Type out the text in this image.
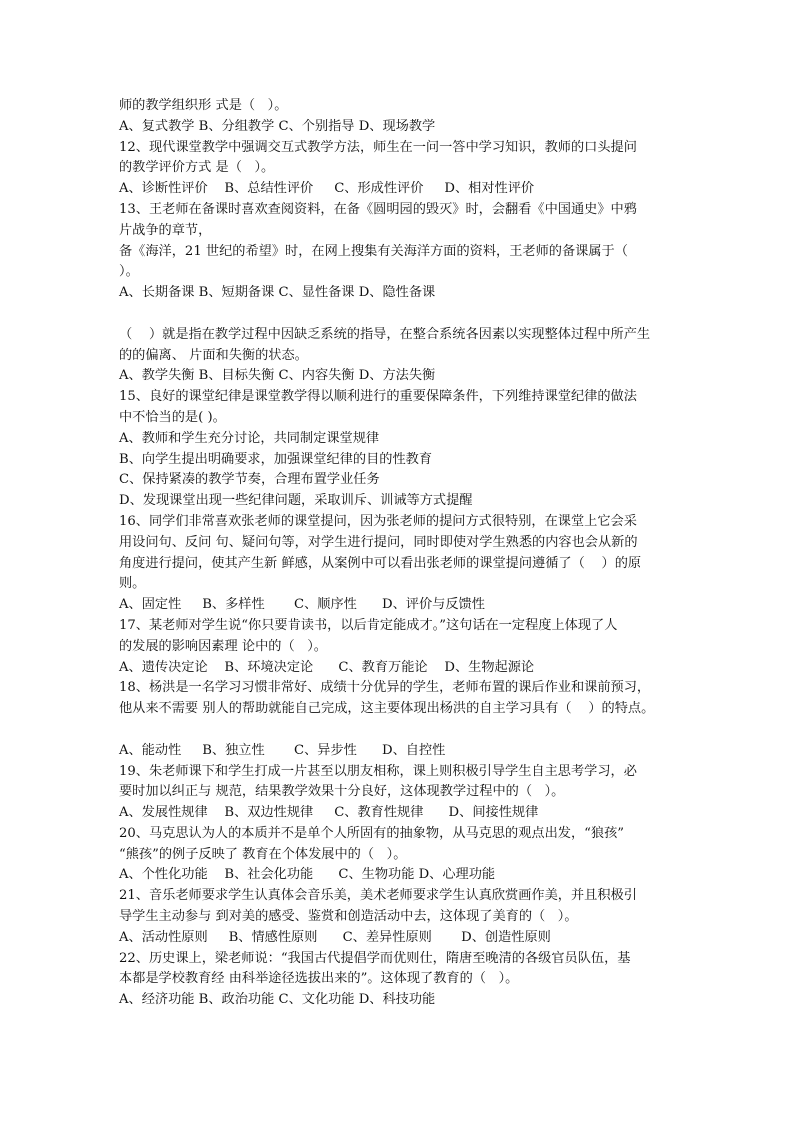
师的教学组织形 式是（   ）。
A、复式教学 B、分组教学 C、个别指导 D、现场教学
12、现代课堂教学中强调交互式教学方法，师生在一问一答中学习知识，教师的口头提问
的教学评价方式 是（   ）。
A、诊断性评价    B、总结性评价     C、形成性评价     D、相对性评价
13、王老师在备课时喜欢查阅资料，在备《圆明园的毁灭》时，会翻看《中国通史》中鸦
片战争的章节，
备《海洋，21 世纪的希望》时，在网上搜集有关海洋方面的资料，王老师的备课属于（
）。
A、长期备课 B、短期备课 C、显性备课 D、隐性备课
（    ）就是指在教学过程中因缺乏系统的指导，在整合系统各因素以实现整体过程中所产生
的的偏离、 片面和失衡的状态。
A、教学失衡 B、目标失衡 C、内容失衡 D、方法失衡
15、良好的课堂纪律是课堂教学得以顺利进行的重要保障条件，下列维持课堂纪律的做法
中不恰当的是( )。
A、教师和学生充分讨论，共同制定课堂规律
B、向学生提出明确要求，加强课堂纪律的目的性教育
C、保持紧凑的教学节奏，合理布置学业任务
D、发现课堂出现一些纪律问题，采取训斥、训诫等方式提醒
16、同学们非常喜欢张老师的课堂提问，因为张老师的提问方式很特别，在课堂上它会采
用设问句、反问 句、疑问句等，对学生进行提问，同时即使对学生熟悉的内容也会从新的
角度进行提问，使其产生新 鲜感，从案例中可以看出张老师的课堂提问遵循了（    ）的原
则。
A、固定性     B、多样性       C、顺序性      D、评价与反馈性
17、某老师对学生说“你只要肯读书，以后肯定能成才。”这句话在一定程度上体现了人
的发展的影响因素理 论中的（   ）。
A、遗传决定论    B、环境决定论      C、教育万能论    D、生物起源论
18、杨洪是一名学习习惯非常好、成绩十分优异的学生，老师布置的课后作业和课前预习，
他从来不需要 别人的帮助就能自己完成，这主要体现出杨洪的自主学习具有（    ）的特点。
A、能动性     B、独立性       C、异步性      D、自控性
19、朱老师课下和学生打成一片甚至以朋友相称，课上则积极引导学生自主思考学习，必
要时加以纠正与 规范，结果教学效果十分良好，这体现教学过程中的（   ）。
A、发展性规律    B、双边性规律     C、教育性规律      D、间接性规律
20、马克思认为人的本质并不是单个人所固有的抽象物，从马克思的观点出发，“狼孩”
“熊孩”的例子反映了 教育在个体发展中的（   ）。
A、个性化功能    B、社会化功能      C、生物功能 D、心理功能
21、音乐老师要求学生认真体会音乐美，美术老师要求学生认真欣赏画作美，并且积极引
导学生主动参与 到对美的感受、鉴赏和创造活动中去，这体现了美育的（   ）。
A、活动性原则     B、情感性原则      C、差异性原则       D、创造性原则
22、历史课上，梁老师说：“我国古代提倡学而优则仕，隋唐至晚清的各级官员队伍，基
本都是学校教育经 由科举途径选拔出来的”。这体现了教育的（   ）。
A、经济功能 B、政治功能 C、文化功能 D、科技功能
